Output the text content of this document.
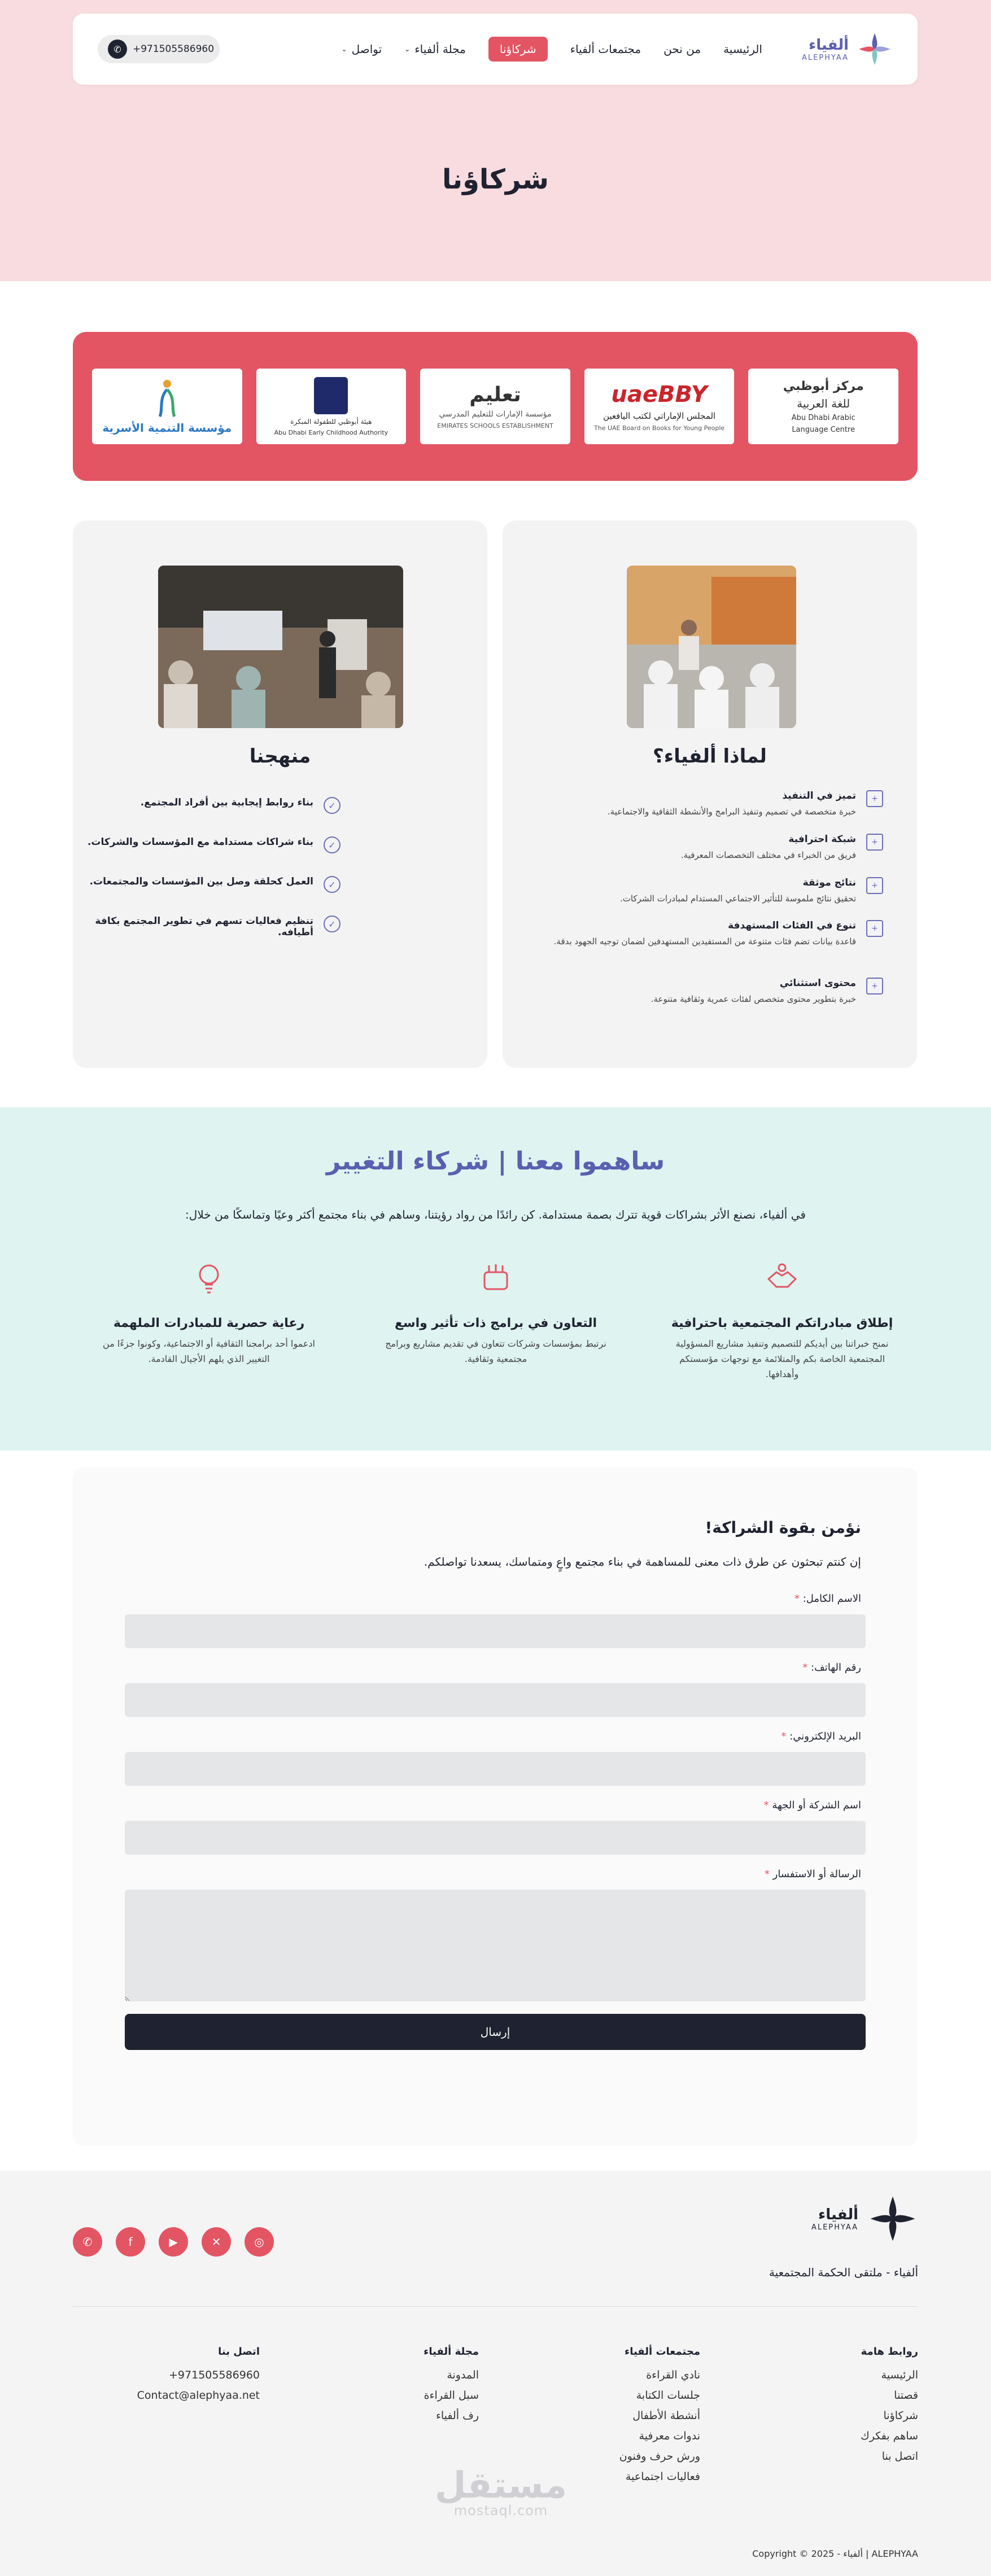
ألفياء
ALEPHYAA
الرئيسية
من نحن
مجتمعات ألفياء
شركاؤنا
مجلة ألفياء
⌄
تواصل
⌄
✆	+971505586960
شركاؤنا
مركز أبوظبي
للغة العربية
Abu Dhabi Arabic
Language Centre
uaeBBY
المجلس الإماراتي لكتب اليافعين
The UAE Board on Books for Young People
تعليم
مؤسسة الإمارات للتعليم المدرسي
EMIRATES SCHOOLS ESTABLISHMENT
هيئة أبوظبي للطفولة المبكرة
Abu Dhabi Early Childhood Authority
مؤسسة التنمية الأسرية
لماذا ألفياء؟
+
تميز في التنفيذ
خبرة متخصصة في تصميم وتنفيذ البرامج والأنشطة الثقافية والاجتماعية.
+
شبكة احترافية
فريق من الخبراء في مختلف التخصصات المعرفية.
+
نتائج موثقة
تحقيق نتائج ملموسة للتأثير الاجتماعي المستدام لمبادرات الشركات.
+
تنوع في الفئات المستهدفة
قاعدة بيانات تضم فئات متنوعة من المستفيدين المستهدفين لضمان توجيه الجهود بدقة.
+
محتوى استثنائي
خبرة بتطوير محتوى متخصص لفئات عمرية وثقافية متنوعة.
منهجنا
✓
بناء روابط إيجابية بين أفراد المجتمع.
✓
بناء شراكات مستدامة مع المؤسسات والشركات.
✓
العمل كحلقة وصل بين المؤسسات والمجتمعات.
✓
تنظيم فعاليات تسهم في تطوير المجتمع بكافة أطيافه.
ساهموا معنا | شركاء التغيير

في ألفياء، نصنع الأثر بشراكات قوية تترك بصمة مستدامة. كن رائدًا من رواد رؤيتنا، وساهم في بناء مجتمع أكثر وعيًا وتماسكًا من خلال:

إطلاق مبادراتكم المجتمعية باحترافية
نمنح خبراتنا بين أيديكم للتصميم وتنفيذ مشاريع المسؤولية المجتمعية الخاصة بكم والمتلائمة مع توجهات مؤسستكم وأهدافها.
التعاون في برامج ذات تأثير واسع
نرتبط بمؤسسات وشركات تتعاون في تقديم مشاريع وبرامج مجتمعية وثقافية.
رعاية حصرية للمبادرات الملهمة
ادعموا أحد برامجنا الثقافية أو الاجتماعية، وكونوا جزءًا من التغيير الذي يلهم الأجيال القادمة.
نؤمن بقوة الشراكة!

إن كنتم تبحثون عن طرق ذات معنى للمساهمة في بناء مجتمع واعٍ ومتماسك، يسعدنا تواصلكم.

الاسم الكامل: *
رقم الهاتف: *
البريد الإلكتروني: *
اسم الشركة أو الجهة *
الرسالة أو الاستفسار *
إرسال
ألفياء
ALEPHYAA

ألفياء - ملتقى الحكمة المجتمعية

◎
✕
▶
f
✆
روابط هامة
الرئيسية
قصتنا
شركاؤنا
ساهم بفكرك
اتصل بنا
مجتمعات ألفياء
نادي القراءة
جلسات الكتابة
أنشطة الأطفال
ندوات معرفية
ورش حرف وفنون
فعاليات اجتماعية
مجلة ألفياء
المدونة
سبل القراءة
رف ألفياء
اتصل بنا
+971505586960
Contact@alephyaa.net
مستقل
mostaql.com

ALEPHYAA | ألفياء - Copyright © 2025
